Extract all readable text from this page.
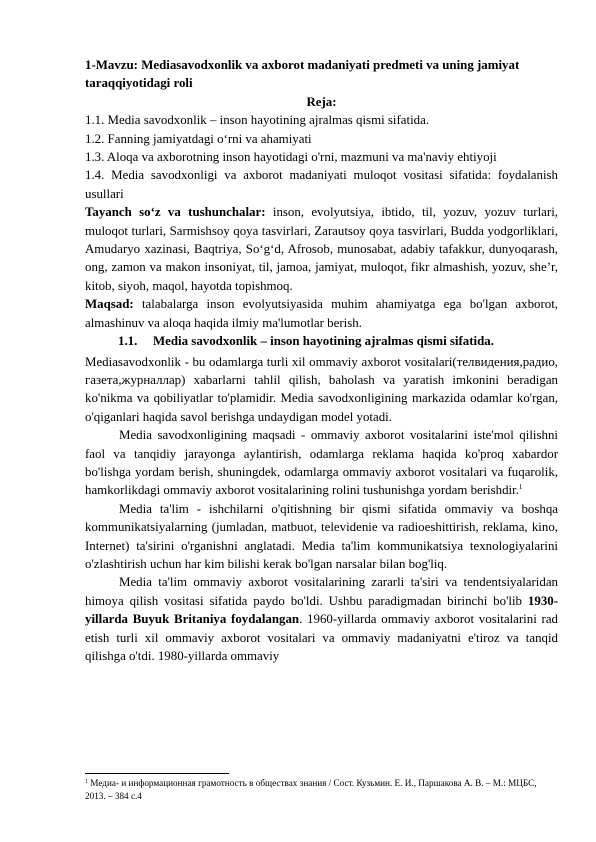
1-Mavzu: Mediasavodxonlik va axborot madaniyati predmeti va uning jamiyat taraqqiyotidagi roli

Reja:

1.1. Media savodxonlik – inson hayotining ajralmas qismi sifatida.

1.2. Fanning jamiyatdagi o‘rni va ahamiyati

1.3. Aloqa va axborotning inson hayotidagi o'rni, mazmuni va ma'naviy ehtiyoji

1.4. Media savodxonligi va axborot madaniyati muloqot vositasi sifatida: foydalanish usullari

Tayanch so‘z va tushunchalar: inson, evolyutsiya, ibtido, til, yozuv, yozuv turlari, muloqot turlari, Sarmishsoy qoya tasvirlari, Zarautsoy qoya tasvirlari, Budda yodgorliklari, Amudaryo xazinasi, Baqtriya, So‘g‘d, Afrosob, munosabat, adabiy tafakkur, dunyoqarash, ong, zamon va makon insoniyat, til, jamoa, jamiyat, muloqot, fikr almashish, yozuv, she’r, kitob, siyoh, maqol, hayotda topishmoq.

Maqsad: talabalarga inson evolyutsiyasida muhim ahamiyatga ega bo'lgan axborot, almashinuv va aloqa haqida ilmiy ma'lumotlar berish.

1.1. Media savodxonlik – inson hayotining ajralmas qismi sifatida.

Mediasavodxonlik - bu odamlarga turli xil ommaviy axborot vositalari(телвидения,радио, газета,журналлар) xabarlarni tahlil qilish, baholash va yaratish imkonini beradigan ko'nikma va qobiliyatlar to'plamidir. Media savodxonligining markazida odamlar ko'rgan, o'qiganlari haqida savol berishga undaydigan model yotadi.

Media savodxonligining maqsadi - ommaviy axborot vositalarini iste'mol qilishni faol va tanqidiy jarayonga aylantirish, odamlarga reklama haqida ko'proq xabardor bo'lishga yordam berish, shuningdek, odamlarga ommaviy axborot vositalari va fuqarolik, hamkorlikdagi ommaviy axborot vositalarining rolini tushunishga yordam berishdir.$^1$

Media ta'lim - ishchilarni o'qitishning bir qismi sifatida ommaviy va boshqa kommunikatsiyalarning (jumladan, matbuot, televidenie va radioeshittirish, reklama, kino, Internet) ta'sirini o'rganishni anglatadi. Media ta'lim kommunikatsiya texnologiyalarini o'zlashtirish uchun har kim bilishi kerak bo'lgan narsalar bilan bog'liq.

Media ta'lim ommaviy axborot vositalarining zararli ta'siri va tendentsiyalaridan himoya qilish vositasi sifatida paydo bo'ldi. Ushbu paradigmadan birinchi bo'lib 1930-yillarda Buyuk Britaniya foydalangan. 1960-yillarda ommaviy axborot vositalarini rad etish turli xil ommaviy axborot vositalari va ommaviy madaniyatni e'tiroz va tanqid qilishga o'tdi. 1980-yillarda ommaviy

$^1$ Медиа- и информационная грамотность в обществах знания / Сост. Кузьмин. Е. И., Паршакова А. В. – М.: МЦБС, 2013. – 384 с.4
